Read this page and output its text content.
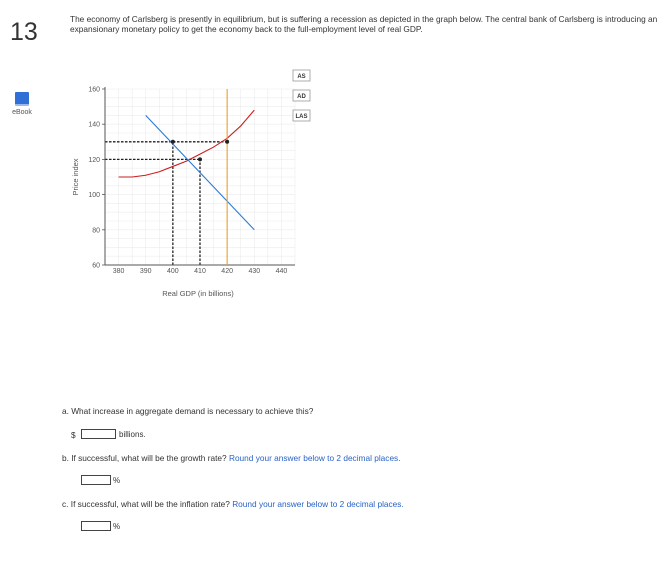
13
eBook
The economy of Carlsberg is presently in equilibrium, but is suffering a recession as depicted in the graph below. The central bank of Carlsberg is introducing an expansionary monetary policy to get the economy back to the full-employment level of real GDP.
60
80
100
120
140
160
380 390 400 410 420 430 440
AS
AD
LAS
Price index
Real GDP (in billions)
a. What increase in aggregate demand is necessary to achieve this?
$	billions.
b. If successful, what will be the growth rate? Round your answer below to 2 decimal places.
%
c. If successful, what will be the inflation rate? Round your answer below to 2 decimal places.
%
